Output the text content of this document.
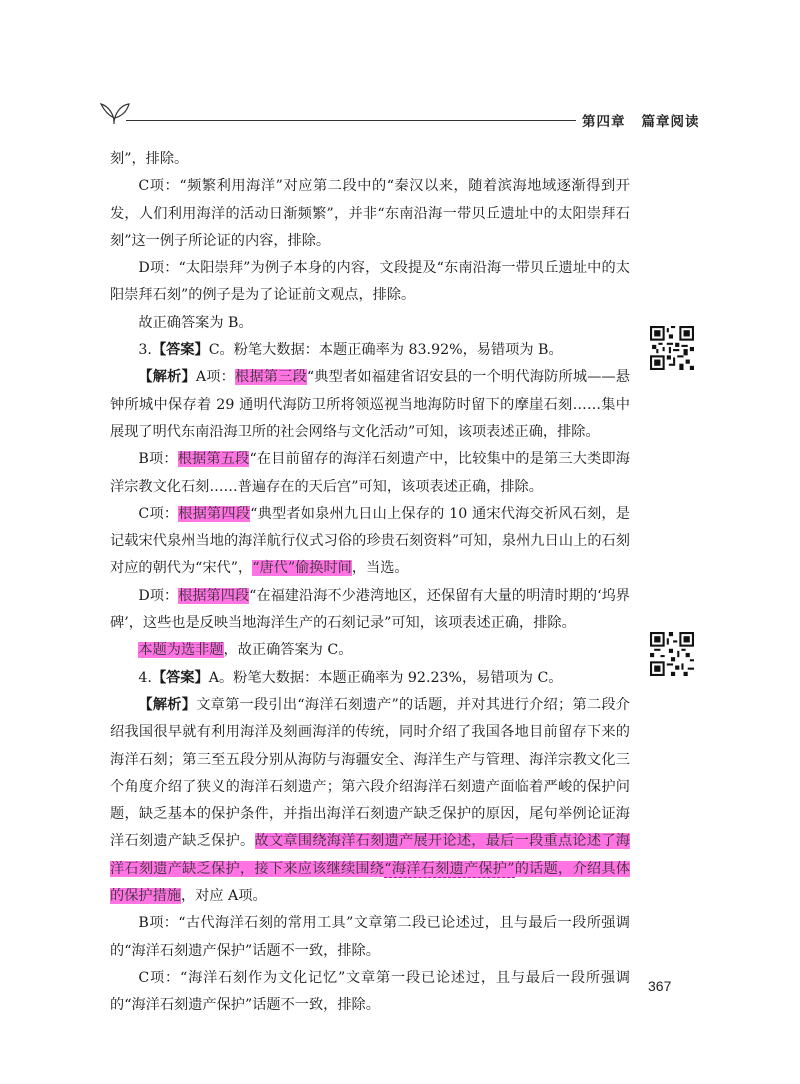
第四章 篇章阅读

刻”，排除。

C项：“频繁利用海洋”对应第二段中的“秦汉以来，随着滨海地域逐渐得到开发，人们利用海洋的活动日渐频繁”，并非“东南沿海一带贝丘遗址中的太阳崇拜石刻”这一例子所论证的内容，排除。

D项：“太阳崇拜”为例子本身的内容，文段提及“东南沿海一带贝丘遗址中的太阳崇拜石刻”的例子是为了论证前文观点，排除。

故正确答案为 B。

3.【答案】C。粉笔大数据：本题正确率为 83.92%，易错项为 B。

【解析】A项：根据第三段“典型者如福建省诏安县的一个明代海防所城——悬钟所城中保存着 29 通明代海防卫所将领巡视当地海防时留下的摩崖石刻……集中展现了明代东南沿海卫所的社会网络与文化活动”可知，该项表述正确，排除。

B项：根据第五段“在目前留存的海洋石刻遗产中，比较集中的是第三大类即海洋宗教文化石刻……普遍存在的天后宫”可知，该项表述正确，排除。

C项：根据第四段“典型者如泉州九日山上保存的 10 通宋代海交祈风石刻，是记载宋代泉州当地的海洋航行仪式习俗的珍贵石刻资料”可知，泉州九日山上的石刻对应的朝代为“宋代”，“唐代”偷换时间，当选。

D项：根据第四段“在福建沿海不少港湾地区，还保留有大量的明清时期的‘坞界碑’，这些也是反映当地海洋生产的石刻记录”可知，该项表述正确，排除。

本题为选非题，故正确答案为 C。

4.【答案】A。粉笔大数据：本题正确率为 92.23%，易错项为 C。

【解析】文章第一段引出“海洋石刻遗产”的话题，并对其进行介绍；第二段介绍我国很早就有利用海洋及刻画海洋的传统，同时介绍了我国各地目前留存下来的海洋石刻；第三至五段分别从海防与海疆安全、海洋生产与管理、海洋宗教文化三个角度介绍了狭义的海洋石刻遗产；第六段介绍海洋石刻遗产面临着严峻的保护问题，缺乏基本的保护条件，并指出海洋石刻遗产缺乏保护的原因，尾句举例论证海洋石刻遗产缺乏保护。故文章围绕海洋石刻遗产展开论述，最后一段重点论述了海洋石刻遗产缺乏保护，接下来应该继续围绕“海洋石刻遗产保护”的话题，介绍具体的保护措施，对应 A项。

B项：“古代海洋石刻的常用工具”文章第二段已论述过，且与最后一段所强调的“海洋石刻遗产保护”话题不一致，排除。

C项：“海洋石刻作为文化记忆”文章第一段已论述过，且与最后一段所强调的“海洋石刻遗产保护”话题不一致，排除。

367
